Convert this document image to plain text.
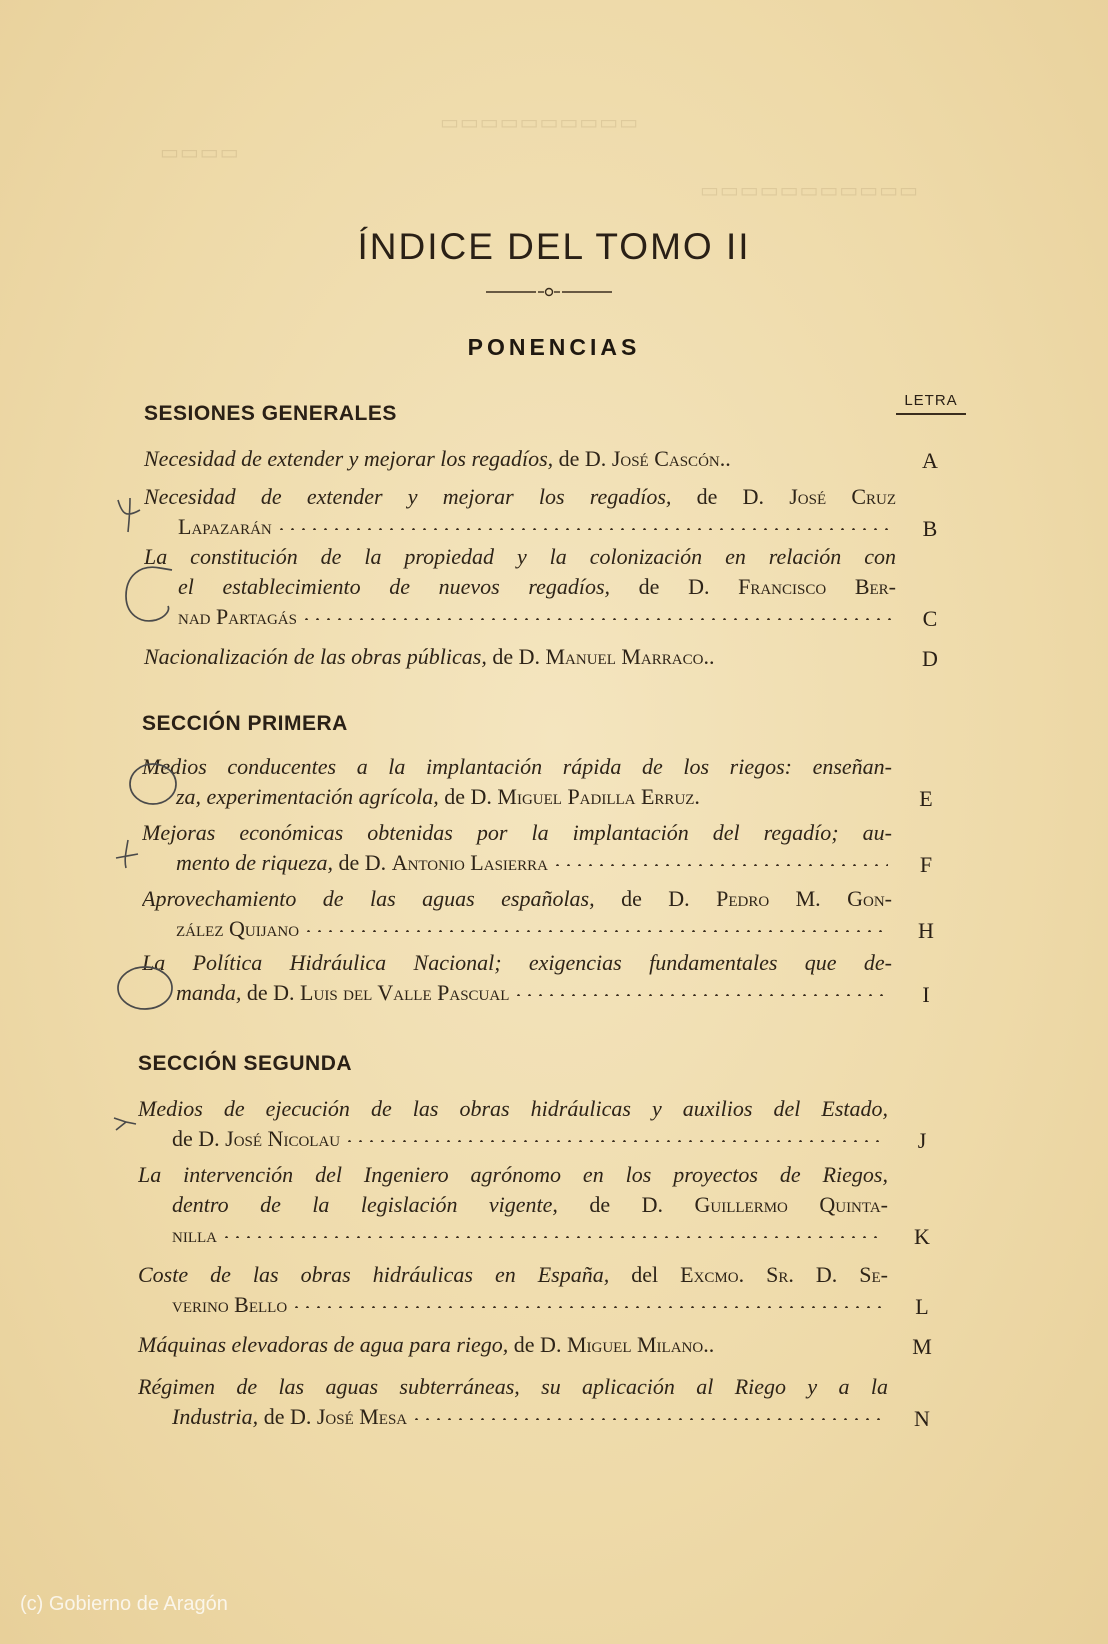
▭▭▭▭▭▭▭▭▭▭▭
▭▭▭▭
▭▭▭▭▭▭▭▭▭▭
ÍNDICE DEL TOMO II
PONENCIAS
LETRA
SESIONES GENERALES
Necesidad de extender y mejorar los regadíos, de D. José Cascón..	A
Necesidad de extender y mejorar los regadíos, de D. José Cruz
Lapazarán	B
La constitución de la propiedad y la colonización en relación con
el establecimiento de nuevos regadíos, de D. Francisco Ber-
nad Partagás	C
Nacionalización de las obras públicas, de D. Manuel Marraco..	D
SECCIÓN PRIMERA
Medios conducentes a la implantación rápida de los riegos: enseñan-
za, experimentación agrícola, de D. Miguel Padilla Erruz.	E
Mejoras económicas obtenidas por la implantación del regadío; au-
mento de riqueza, de D. Antonio Lasierra	F
Aprovechamiento de las aguas españolas, de D. Pedro M. Gon-
zález Quijano	H
La Política Hidráulica Nacional; exigencias fundamentales que de-
manda, de D. Luis del Valle Pascual	I
SECCIÓN SEGUNDA
Medios de ejecución de las obras hidráulicas y auxilios del Estado,
de D. José Nicolau	J
La intervención del Ingeniero agrónomo en los proyectos de Riegos,
dentro de la legislación vigente, de D. Guillermo Quinta-
nilla	K
Coste de las obras hidráulicas en España, del Excmo. Sr. D. Se-
verino Bello	L
Máquinas elevadoras de agua para riego, de D. Miguel Milano..	M
Régimen de las aguas subterráneas, su aplicación al Riego y a la
Industria, de D. José Mesa	N
(c) Gobierno de Aragón
